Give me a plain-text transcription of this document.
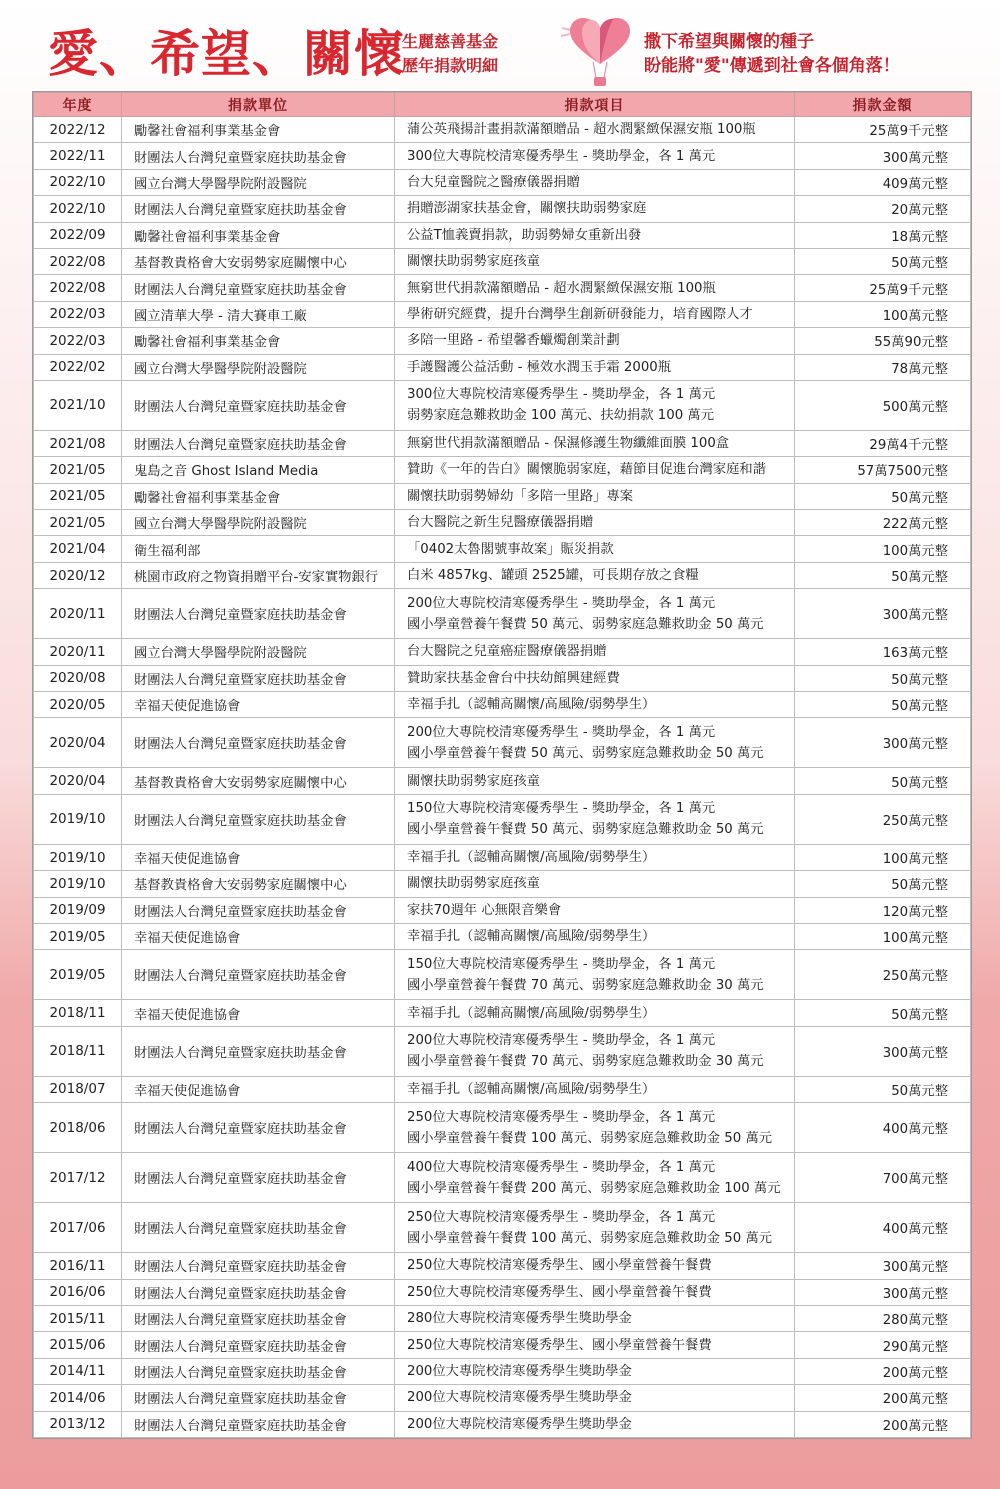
愛、希望、關懷
生麗慈善基金
歷年捐款明細
撒下希望與關懷的種子
盼能將"愛"傳遞到社會各個角落！
年度	捐款單位	捐款項目	捐款金額
2022/12	勵馨社會福利事業基金會	蒲公英飛揚計畫捐款滿額贈品 - 超水潤緊緻保濕安瓶 100瓶	25萬9千元整
2022/11	財團法人台灣兒童暨家庭扶助基金會	300位大專院校清寒優秀學生 - 獎助學金，各 1 萬元	300萬元整
2022/10	國立台灣大學醫學院附設醫院	台大兒童醫院之醫療儀器捐贈	409萬元整
2022/10	財團法人台灣兒童暨家庭扶助基金會	捐贈澎湖家扶基金會，關懷扶助弱勢家庭	20萬元整
2022/09	勵馨社會福利事業基金會	公益T恤義賣捐款，助弱勢婦女重新出發	18萬元整
2022/08	基督教貴格會大安弱勢家庭關懷中心	關懷扶助弱勢家庭孩童	50萬元整
2022/08	財團法人台灣兒童暨家庭扶助基金會	無窮世代捐款滿額贈品 - 超水潤緊緻保濕安瓶 100瓶	25萬9千元整
2022/03	國立清華大學 - 清大賽車工廠	學術研究經費，提升台灣學生創新研發能力，培育國際人才	100萬元整
2022/03	勵馨社會福利事業基金會	多陪一里路 - 希望馨香蠟燭創業計劃	55萬90元整
2022/02	國立台灣大學醫學院附設醫院	手護醫護公益活動 - 極效水潤玉手霜 2000瓶	78萬元整
2021/10	財團法人台灣兒童暨家庭扶助基金會	300位大專院校清寒優秀學生 - 獎助學金，各 1 萬元
弱勢家庭急難救助金 100 萬元、扶幼捐款 100 萬元	500萬元整
2021/08	財團法人台灣兒童暨家庭扶助基金會	無窮世代捐款滿額贈品 - 保濕修護生物纖維面膜 100盒	29萬4千元整
2021/05	鬼島之音 Ghost Island Media	贊助《一年的告白》關懷脆弱家庭，藉節目促進台灣家庭和諧	57萬7500元整
2021/05	勵馨社會福利事業基金會	關懷扶助弱勢婦幼「多陪一里路」專案	50萬元整
2021/05	國立台灣大學醫學院附設醫院	台大醫院之新生兒醫療儀器捐贈	222萬元整
2021/04	衛生福利部	「0402太魯閣號事故案」賑災捐款	100萬元整
2020/12	桃園市政府之物資捐贈平台-安家實物銀行	白米 4857kg、罐頭 2525罐，可長期存放之食糧	50萬元整
2020/11	財團法人台灣兒童暨家庭扶助基金會	200位大專院校清寒優秀學生 - 獎助學金，各 1 萬元
國小學童營養午餐費 50 萬元、弱勢家庭急難救助金 50 萬元	300萬元整
2020/11	國立台灣大學醫學院附設醫院	台大醫院之兒童癌症醫療儀器捐贈	163萬元整
2020/08	財團法人台灣兒童暨家庭扶助基金會	贊助家扶基金會台中扶幼館興建經費	50萬元整
2020/05	幸福天使促進協會	幸福手扎（認輔高關懷/高風險/弱勢學生）	50萬元整
2020/04	財團法人台灣兒童暨家庭扶助基金會	200位大專院校清寒優秀學生 - 獎助學金，各 1 萬元
國小學童營養午餐費 50 萬元、弱勢家庭急難救助金 50 萬元	300萬元整
2020/04	基督教貴格會大安弱勢家庭關懷中心	關懷扶助弱勢家庭孩童	50萬元整
2019/10	財團法人台灣兒童暨家庭扶助基金會	150位大專院校清寒優秀學生 - 獎助學金，各 1 萬元
國小學童營養午餐費 50 萬元、弱勢家庭急難救助金 50 萬元	250萬元整
2019/10	幸福天使促進協會	幸福手扎（認輔高關懷/高風險/弱勢學生）	100萬元整
2019/10	基督教貴格會大安弱勢家庭關懷中心	關懷扶助弱勢家庭孩童	50萬元整
2019/09	財團法人台灣兒童暨家庭扶助基金會	家扶70週年 心無限音樂會	120萬元整
2019/05	幸福天使促進協會	幸福手扎（認輔高關懷/高風險/弱勢學生）	100萬元整
2019/05	財團法人台灣兒童暨家庭扶助基金會	150位大專院校清寒優秀學生 - 獎助學金，各 1 萬元
國小學童營養午餐費 70 萬元、弱勢家庭急難救助金 30 萬元	250萬元整
2018/11	幸福天使促進協會	幸福手扎（認輔高關懷/高風險/弱勢學生）	50萬元整
2018/11	財團法人台灣兒童暨家庭扶助基金會	200位大專院校清寒優秀學生 - 獎助學金，各 1 萬元
國小學童營養午餐費 70 萬元、弱勢家庭急難救助金 30 萬元	300萬元整
2018/07	幸福天使促進協會	幸福手扎（認輔高關懷/高風險/弱勢學生）	50萬元整
2018/06	財團法人台灣兒童暨家庭扶助基金會	250位大專院校清寒優秀學生 - 獎助學金，各 1 萬元
國小學童營養午餐費 100 萬元、弱勢家庭急難救助金 50 萬元	400萬元整
2017/12	財團法人台灣兒童暨家庭扶助基金會	400位大專院校清寒優秀學生 - 獎助學金，各 1 萬元
國小學童營養午餐費 200 萬元、弱勢家庭急難救助金 100 萬元	700萬元整
2017/06	財團法人台灣兒童暨家庭扶助基金會	250位大專院校清寒優秀學生 - 獎助學金，各 1 萬元
國小學童營養午餐費 100 萬元、弱勢家庭急難救助金 50 萬元	400萬元整
2016/11	財團法人台灣兒童暨家庭扶助基金會	250位大專院校清寒優秀學生、國小學童營養午餐費	300萬元整
2016/06	財團法人台灣兒童暨家庭扶助基金會	250位大專院校清寒優秀學生、國小學童營養午餐費	300萬元整
2015/11	財團法人台灣兒童暨家庭扶助基金會	280位大專院校清寒優秀學生獎助學金	280萬元整
2015/06	財團法人台灣兒童暨家庭扶助基金會	250位大專院校清寒優秀學生、國小學童營養午餐費	290萬元整
2014/11	財團法人台灣兒童暨家庭扶助基金會	200位大專院校清寒優秀學生獎助學金	200萬元整
2014/06	財團法人台灣兒童暨家庭扶助基金會	200位大專院校清寒優秀學生獎助學金	200萬元整
2013/12	財團法人台灣兒童暨家庭扶助基金會	200位大專院校清寒優秀學生獎助學金	200萬元整
